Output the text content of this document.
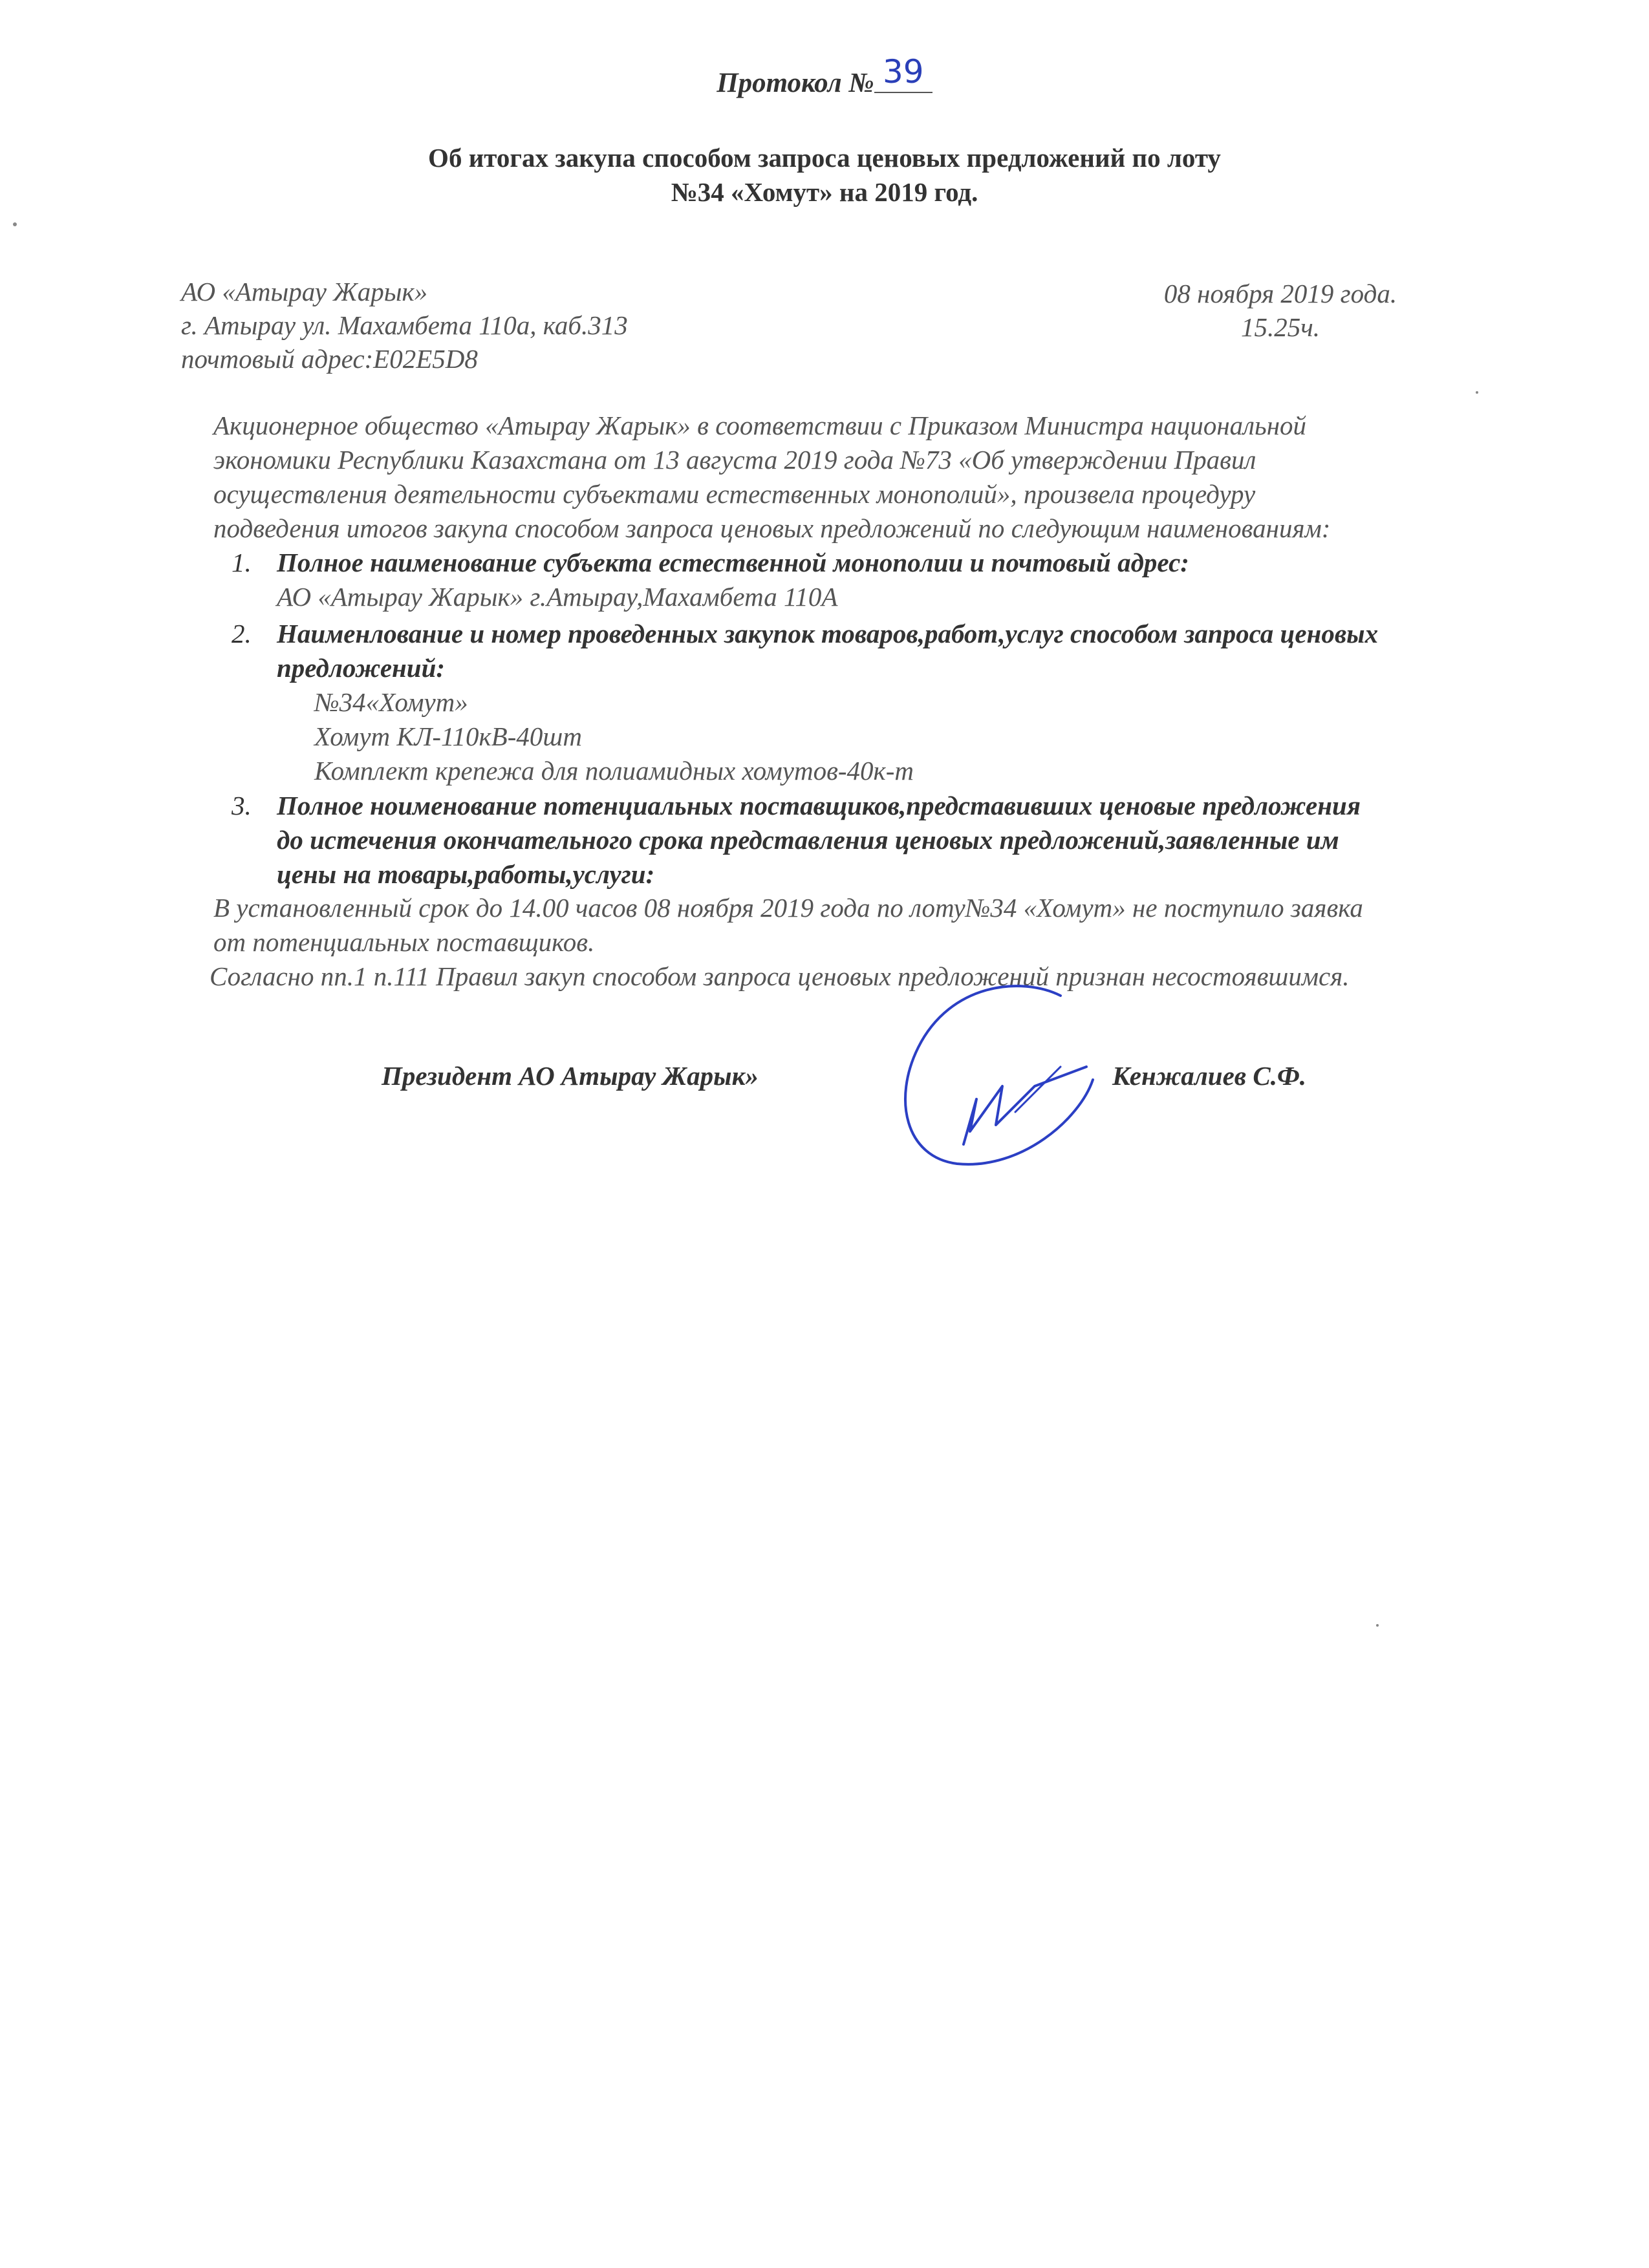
Протокол № 39
Об итогах закупа способом запроса ценовых предложений по лоту
№34 «Хомут» на 2019 год.
АО «Атырау Жарык»
г. Атырау ул. Махамбета 110а, каб.313
почтовый адрес:Е02Е5D8
08 ноября 2019 года.
15.25ч.
Акционерное общество «Атырау Жарык» в соответствии с Приказом Министра национальной
экономики Республики Казахстана от 13 августа 2019 года №73 «Об утверждении Правил
осуществления деятельности субъектами естественных монополий», произвела процедуру
подведения итогов закупа способом запроса ценовых предложений по следующим наименованиям:
1. Полное наименование субъекта естественной монополии и почтовый адрес:
АО «Атырау Жарык» г.Атырау,Махамбета 110А
2. Наименлование и номер проведенных закупок товаров,работ,услуг способом запроса ценовых
предложений:
№34«Хомут»
Хомут КЛ-110кВ-40шт
Комплект крепежа для полиамидных хомутов-40к-т
3. Полное ноименование потенциальных поставщиков,представивших ценовые предложения
до истечения окончательного срока представления ценовых предложений,заявленные им
цены на товары,работы,услуги:
В установленный срок до 14.00 часов 08 ноября 2019 года по лоту№34 «Хомут» не поступило заявка
от потенциальных поставщиков.
Согласно пп.1 п.111 Правил закуп способом запроса ценовых предложений признан несостоявшимся.
Президент АО Атырау Жарык»	Кенжалиев С.Ф.
